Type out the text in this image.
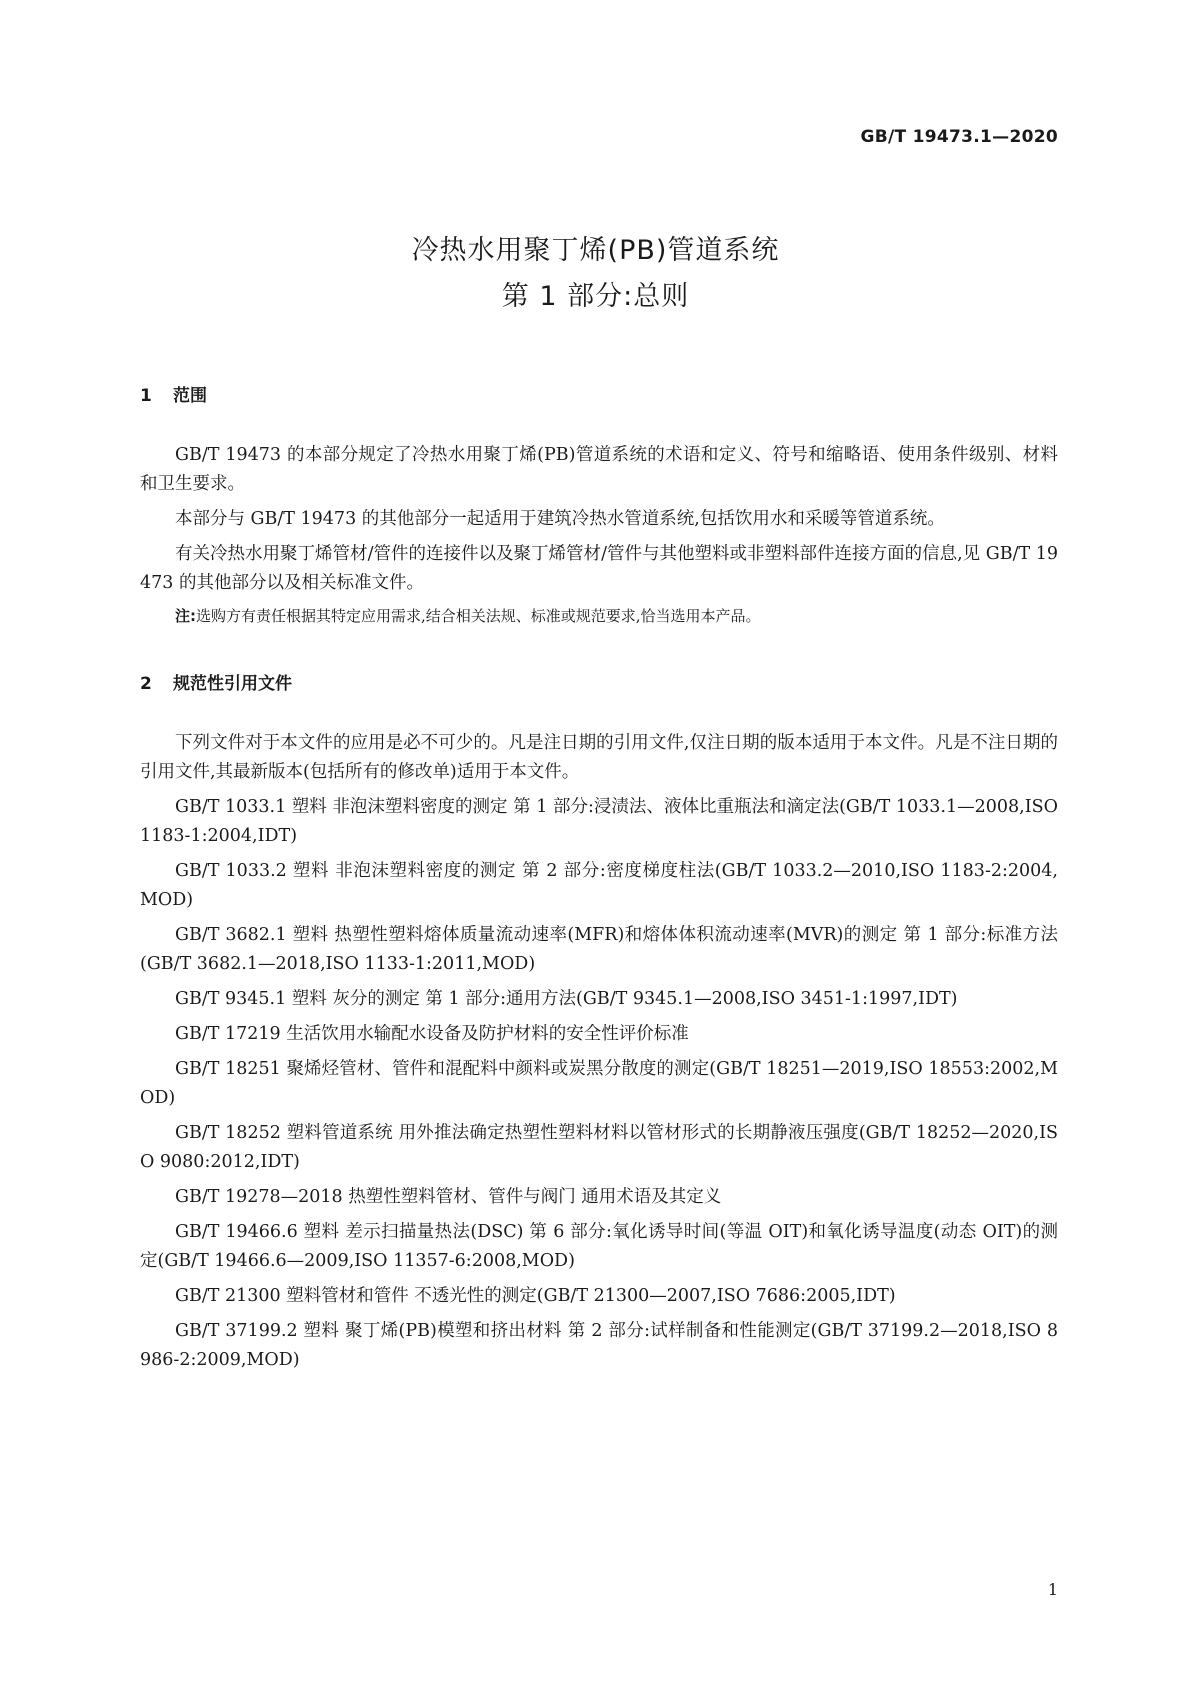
GB/T 19473.1—2020
冷热水用聚丁烯(PB)管道系统
第 1 部分:总则
1 范围

GB/T 19473 的本部分规定了冷热水用聚丁烯(PB)管道系统的术语和定义、符号和缩略语、使用条件级别、材料和卫生要求。

本部分与 GB/T 19473 的其他部分一起适用于建筑冷热水管道系统,包括饮用水和采暖等管道系统。

有关冷热水用聚丁烯管材/管件的连接件以及聚丁烯管材/管件与其他塑料或非塑料部件连接方面的信息,见 GB/T 19473 的其他部分以及相关标准文件。

注:选购方有责任根据其特定应用需求,结合相关法规、标准或规范要求,恰当选用本产品。

2 规范性引用文件

下列文件对于本文件的应用是必不可少的。凡是注日期的引用文件,仅注日期的版本适用于本文件。凡是不注日期的引用文件,其最新版本(包括所有的修改单)适用于本文件。

GB/T 1033.1 塑料 非泡沫塑料密度的测定 第 1 部分:浸渍法、液体比重瓶法和滴定法(GB/T 1033.1—2008,ISO 1183-1:2004,IDT)
GB/T 1033.2 塑料 非泡沫塑料密度的测定 第 2 部分:密度梯度柱法(GB/T 1033.2—2010,ISO 1183-2:2004,MOD)
GB/T 3682.1 塑料 热塑性塑料熔体质量流动速率(MFR)和熔体体积流动速率(MVR)的测定 第 1 部分:标准方法(GB/T 3682.1—2018,ISO 1133-1:2011,MOD)
GB/T 9345.1 塑料 灰分的测定 第 1 部分:通用方法(GB/T 9345.1—2008,ISO 3451-1:1997,IDT)
GB/T 17219 生活饮用水输配水设备及防护材料的安全性评价标准
GB/T 18251 聚烯烃管材、管件和混配料中颜料或炭黑分散度的测定(GB/T 18251—2019,ISO 18553:2002,MOD)
GB/T 18252 塑料管道系统 用外推法确定热塑性塑料材料以管材形式的长期静液压强度(GB/T 18252—2020,ISO 9080:2012,IDT)
GB/T 19278—2018 热塑性塑料管材、管件与阀门 通用术语及其定义
GB/T 19466.6 塑料 差示扫描量热法(DSC) 第 6 部分:氧化诱导时间(等温 OIT)和氧化诱导温度(动态 OIT)的测定(GB/T 19466.6—2009,ISO 11357-6:2008,MOD)
GB/T 21300 塑料管材和管件 不透光性的测定(GB/T 21300—2007,ISO 7686:2005,IDT)
GB/T 37199.2 塑料 聚丁烯(PB)模塑和挤出材料 第 2 部分:试样制备和性能测定(GB/T 37199.2—2018,ISO 8986-2:2009,MOD)
1
